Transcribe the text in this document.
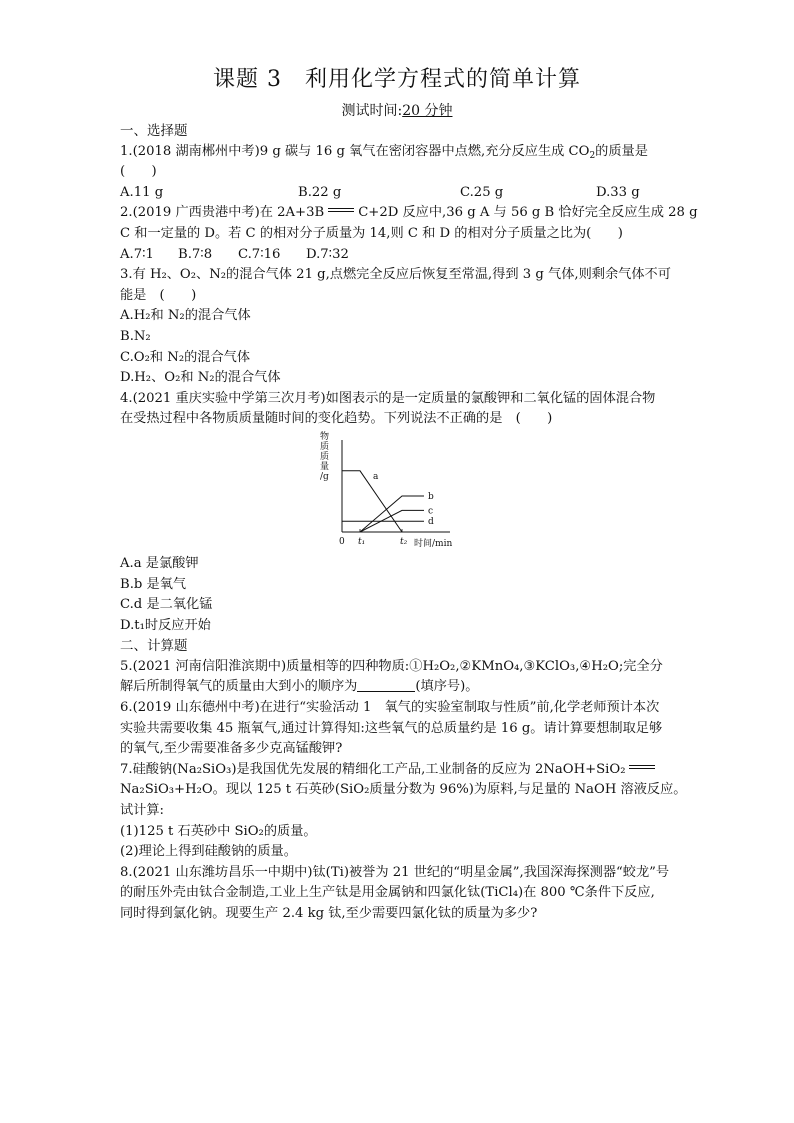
课题 3　利用化学方程式的简单计算
测试时间:20 分钟

一、选择题

1.(2018 湖南郴州中考)9 g 碳与 16 g 氧气在密闭容器中点燃,充分反应生成 $CO_2$的质量是

(　　)

A.11 g	B.22 g	C.25 g	D.33 g

2.(2019 广西贵港中考)在 2A+3B	C+2D 反应中,36 g A 与 56 g B 恰好完全反应生成 28 g

C 和一定量的 D。若 C 的相对分子质量为 14,则 C 和 D 的相对分子质量之比为(　　)

A.7∶1 B.7∶8 C.7∶16 D.7∶32

3.有 H₂、O₂、N₂的混合气体 21 g,点燃完全反应后恢复至常温,得到 3 g 气体,则剩余气体不可

能是　(　　)

A.H₂和 N₂的混合气体

B.N₂

C.O₂和 N₂的混合气体

D.H₂、O₂和 N₂的混合气体

4.(2021 重庆实验中学第三次月考)如图表示的是一定质量的氯酸钾和二氧化锰的固体混合物

在受热过程中各物质质量随时间的变化趋势。下列说法不正确的是　(　　)

物质质量/g
时间/min
0 t₁	t₂
a
b
c
d

A.a 是氯酸钾

B.b 是氧气

C.d 是二氧化锰

D.t₁时反应开始

二、计算题

5.(2021 河南信阳淮滨期中)质量相等的四种物质:①H₂O₂,②KMnO₄,③KClO₃,④H₂O;完全分

解后所制得氧气的质量由大到小的顺序为	(填序号)。

6.(2019 山东德州中考)在进行“实验活动 1　氧气的实验室制取与性质”前,化学老师预计本次

实验共需要收集 45 瓶氧气,通过计算得知:这些氧气的总质量约是 16 g。请计算要想制取足够

的氧气,至少需要准备多少克高锰酸钾?

7.硅酸钠(Na₂SiO₃)是我国优先发展的精细化工产品,工业制备的反应为 2NaOH+SiO₂

Na₂SiO₃+H₂O。现以 125 t 石英砂(SiO₂质量分数为 96%)为原料,与足量的 NaOH 溶液反应。

试计算:

(1)125 t 石英砂中 SiO₂的质量。

(2)理论上得到硅酸钠的质量。

8.(2021 山东潍坊昌乐一中期中)钛(Ti)被誉为 21 世纪的“明星金属”,我国深海探测器“蛟龙”号

的耐压外壳由钛合金制造,工业上生产钛是用金属钠和四氯化钛(TiCl₄)在 800 ℃条件下反应,

同时得到氯化钠。现要生产 2.4 kg 钛,至少需要四氯化钛的质量为多少?
